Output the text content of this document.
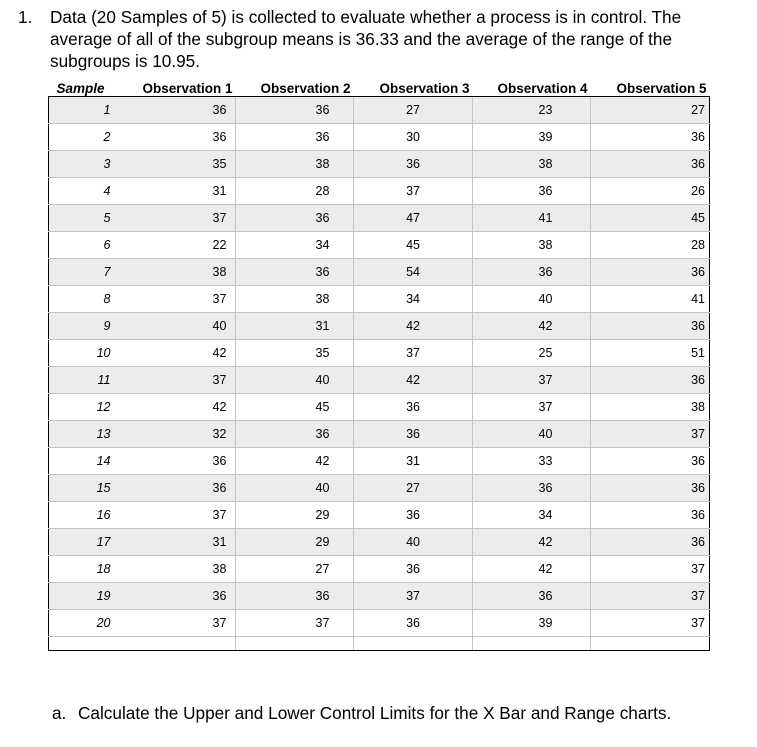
1. Data (20 Samples of 5) is collected to evaluate whether a process is in control. The average of all of the subgroup means is 36.33 and the average of the range of the subgroups is 10.95.
Sample	Observation 1	Observation 2	Observation 3	Observation 4	Observation 5
1	36	36	27	23	27
2	36	36	30	39	36
3	35	38	36	38	36
4	31	28	37	36	26
5	37	36	47	41	45
6	22	34	45	38	28
7	38	36	54	36	36
8	37	38	34	40	41
9	40	31	42	42	36
10	42	35	37	25	51
11	37	40	42	37	36
12	42	45	36	37	38
13	32	36	36	40	37
14	36	42	31	33	36
15	36	40	27	36	36
16	37	29	36	34	36
17	31	29	40	42	36
18	38	27	36	42	37
19	36	36	37	36	37
20	37	37	36	39	37

a. Calculate the Upper and Lower Control Limits for the X Bar and Range charts.
